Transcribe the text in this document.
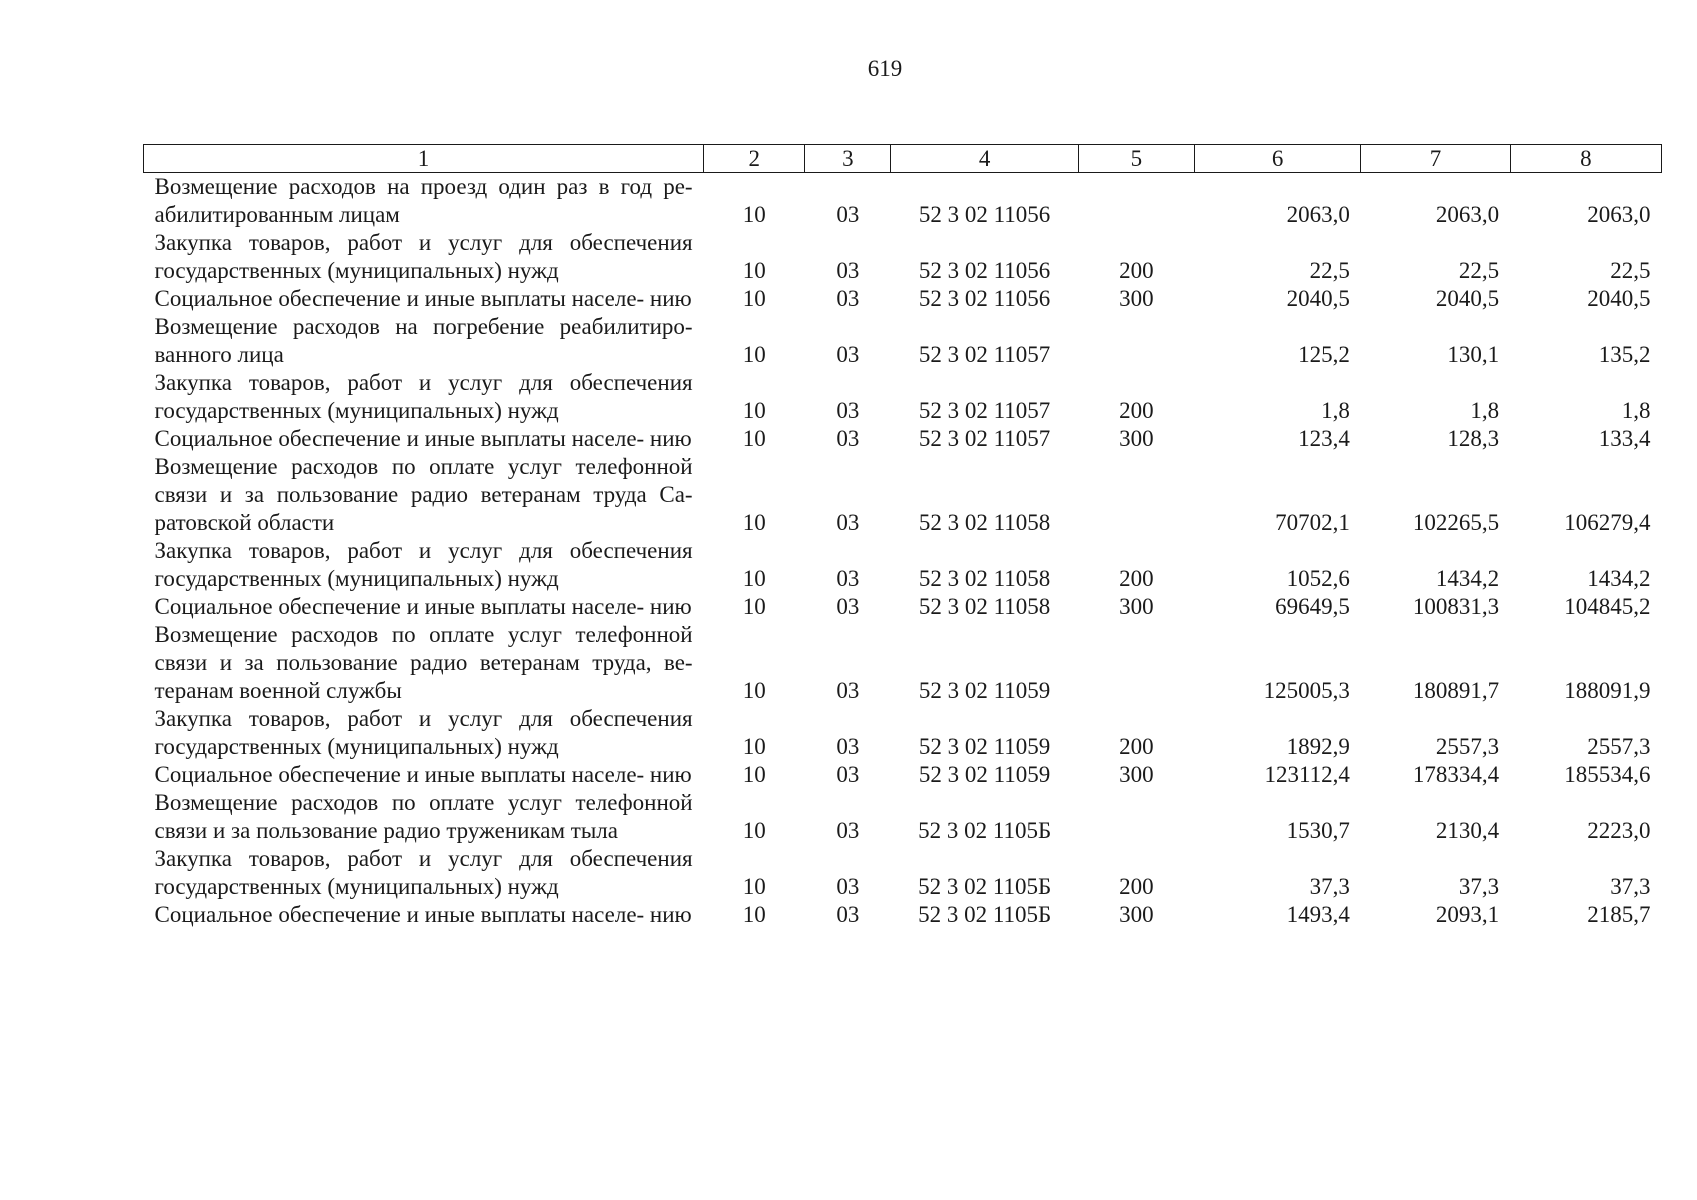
619
1	2	3	4	5	6	7	8
Возмещение расходов на проезд один раз в год ре- абилитированным лицам	10	03	52 3 02 11056		2063,0	2063,0	2063,0
Закупка товаров, работ и услуг для обеспечения государственных (муниципальных) нужд	10	03	52 3 02 11056	200	22,5	22,5	22,5
Социальное обеспечение и иные выплаты населе- нию	10	03	52 3 02 11056	300	2040,5	2040,5	2040,5
Возмещение расходов на погребение реабилитиро- ванного лица	10	03	52 3 02 11057		125,2	130,1	135,2
Закупка товаров, работ и услуг для обеспечения государственных (муниципальных) нужд	10	03	52 3 02 11057	200	1,8	1,8	1,8
Социальное обеспечение и иные выплаты населе- нию	10	03	52 3 02 11057	300	123,4	128,3	133,4
Возмещение расходов по оплате услуг телефонной связи и за пользование радио ветеранам труда Са- ратовской области	10	03	52 3 02 11058		70702,1	102265,5	106279,4
Закупка товаров, работ и услуг для обеспечения государственных (муниципальных) нужд	10	03	52 3 02 11058	200	1052,6	1434,2	1434,2
Социальное обеспечение и иные выплаты населе- нию	10	03	52 3 02 11058	300	69649,5	100831,3	104845,2
Возмещение расходов по оплате услуг телефонной связи и за пользование радио ветеранам труда, ве- теранам военной службы	10	03	52 3 02 11059		125005,3	180891,7	188091,9
Закупка товаров, работ и услуг для обеспечения государственных (муниципальных) нужд	10	03	52 3 02 11059	200	1892,9	2557,3	2557,3
Социальное обеспечение и иные выплаты населе- нию	10	03	52 3 02 11059	300	123112,4	178334,4	185534,6
Возмещение расходов по оплате услуг телефонной связи и за пользование радио труженикам тыла	10	03	52 3 02 1105Б		1530,7	2130,4	2223,0
Закупка товаров, работ и услуг для обеспечения государственных (муниципальных) нужд	10	03	52 3 02 1105Б	200	37,3	37,3	37,3
Социальное обеспечение и иные выплаты населе- нию	10	03	52 3 02 1105Б	300	1493,4	2093,1	2185,7
